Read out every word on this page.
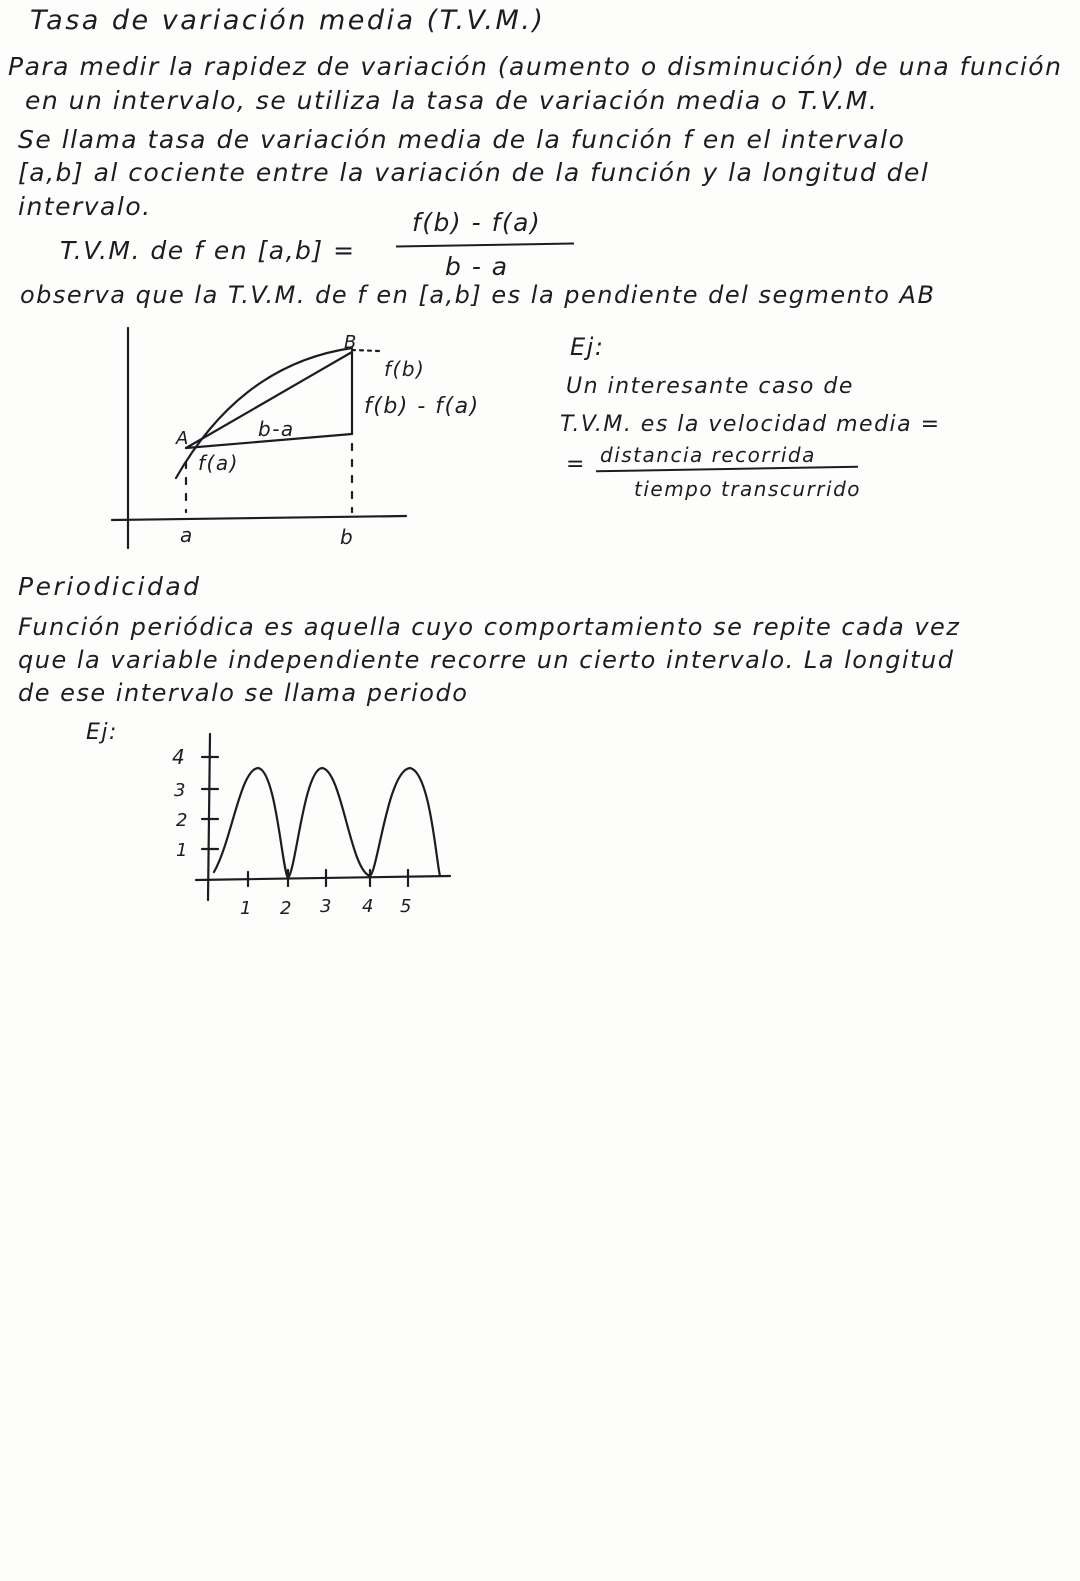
Tasa de variación media (T.V.M.)
Para medir la rapidez de variación (aumento o disminución) de una función
en un intervalo, se utiliza la tasa de variación media o T.V.M.
Se llama tasa de variación media de la función f en el intervalo
[a,b] al cociente entre la variación de la función y la longitud del
intervalo.
T.V.M. de f en [a,b] =
f(b) - f(a)
b - a
observa que la T.V.M. de f en [a,b] es la pendiente del segmento AB
A
B
f(b)
f(b) - f(a)
b-a
f(a)
a	b
Ej:
Un interesante caso de
T.V.M. es la velocidad media =
= distancia recorrida
tiempo transcurrido
Periodicidad
Función periódica es aquella cuyo comportamiento se repite cada vez
que la variable independiente recorre un cierto intervalo. La longitud
de ese intervalo se llama periodo
Ej:
4
3
2
1
1 2 3 4 5
